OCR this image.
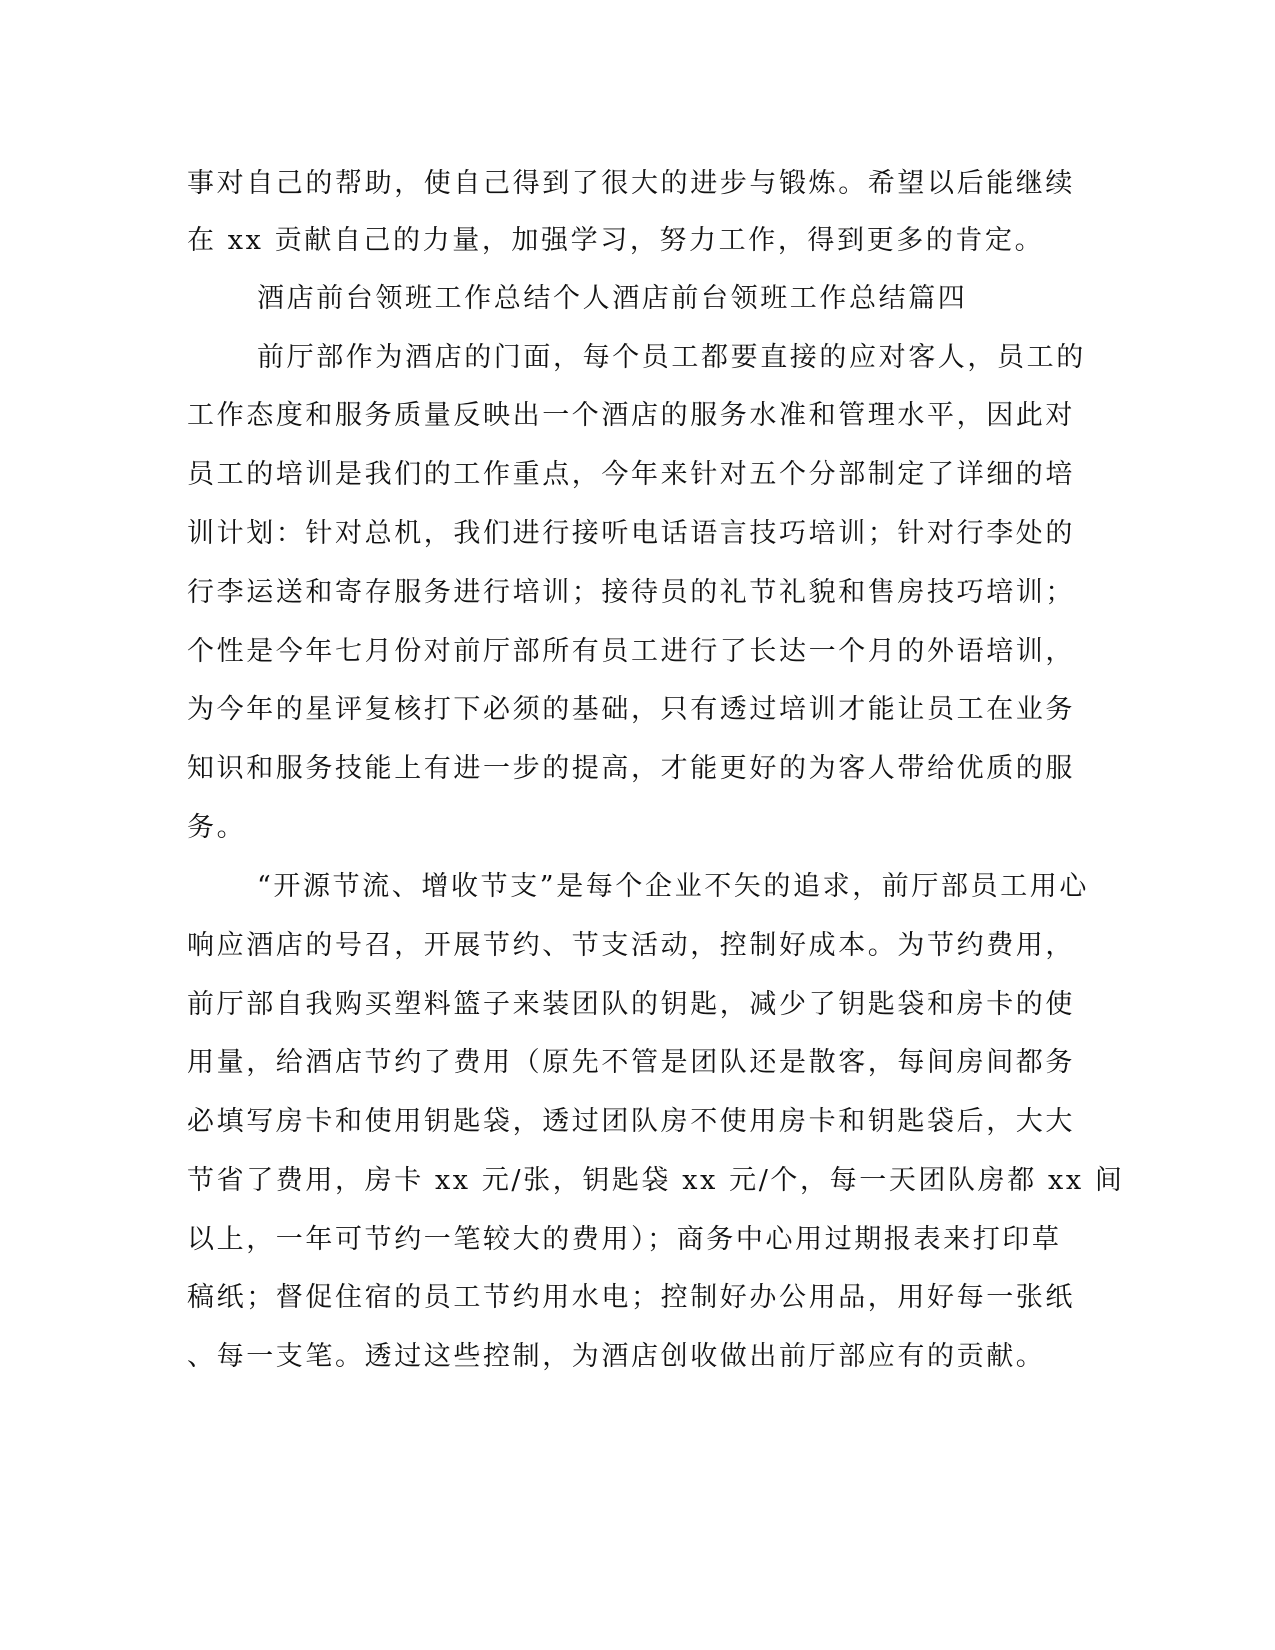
事对自己的帮助，使自己得到了很大的进步与锻炼。希望以后能继续
在 xx 贡献自己的力量，加强学习，努力工作，得到更多的肯定。
酒店前台领班工作总结个人酒店前台领班工作总结篇四
前厅部作为酒店的门面，每个员工都要直接的应对客人，员工的
工作态度和服务质量反映出一个酒店的服务水准和管理水平，因此对
员工的培训是我们的工作重点，今年来针对五个分部制定了详细的培
训计划：针对总机，我们进行接听电话语言技巧培训；针对行李处的
行李运送和寄存服务进行培训；接待员的礼节礼貌和售房技巧培训；
个性是今年七月份对前厅部所有员工进行了长达一个月的外语培训，
为今年的星评复核打下必须的基础，只有透过培训才能让员工在业务
知识和服务技能上有进一步的提高，才能更好的为客人带给优质的服
务。
“开源节流、增收节支”是每个企业不矢的追求，前厅部员工用心
响应酒店的号召，开展节约、节支活动，控制好成本。为节约费用，
前厅部自我购买塑料篮子来装团队的钥匙，减少了钥匙袋和房卡的使
用量，给酒店节约了费用（原先不管是团队还是散客，每间房间都务
必填写房卡和使用钥匙袋，透过团队房不使用房卡和钥匙袋后，大大
节省了费用，房卡 xx 元/张，钥匙袋 xx 元/个，每一天团队房都 xx 间
以上，一年可节约一笔较大的费用）；商务中心用过期报表来打印草
稿纸；督促住宿的员工节约用水电；控制好办公用品，用好每一张纸
、每一支笔。透过这些控制，为酒店创收做出前厅部应有的贡献。
